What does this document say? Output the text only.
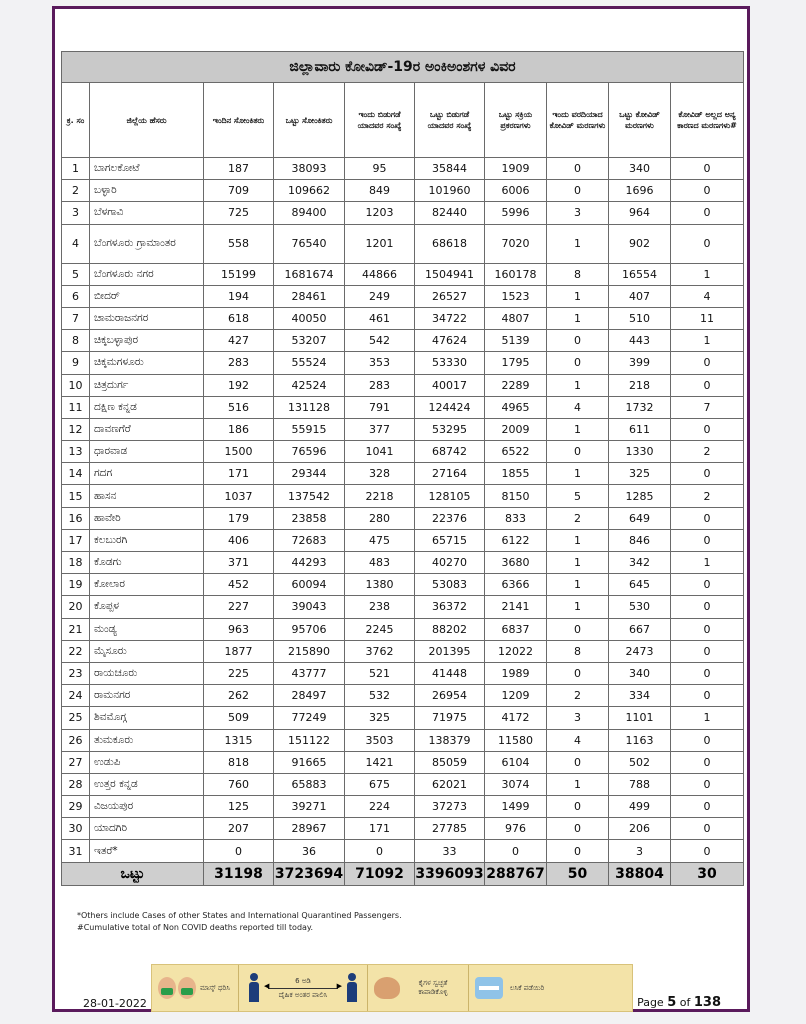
ಜಿಲ್ಲಾವಾರು ಕೋವಿಡ್-19ರ ಅಂಕಿಅಂಶಗಳ ವಿವರ									
ಕ್ರ. ಸಂ	ಜಿಲ್ಲೆಯ ಹೆಸರು	ಇಂದಿನ ಸೋಂಕಿತರು	ಒಟ್ಟು ಸೋಂಕಿತರು	ಇಂದು ಬಿಡುಗಡೆ ಯಾದವರ ಸಂಖ್ಯೆ	ಒಟ್ಟು ಬಿಡುಗಡೆ ಯಾದವರ ಸಂಖ್ಯೆ	ಒಟ್ಟು ಸಕ್ರಿಯ ಪ್ರಕರಣಗಳು	ಇಂದು ವರದಿಯಾದ ಕೋವಿಡ್ ಮರಣಗಳು	ಒಟ್ಟು ಕೋವಿಡ್ ಮರಣಗಳು	ಕೋವಿಡ್ ಅಲ್ಲದ ಅನ್ಯ ಕಾರಣದ ಮರಣಗಳು#
1	ಬಾಗಲಕೋಟೆ	187	38093	95	35844	1909	0	340	0
2	ಬಳ್ಳಾರಿ	709	109662	849	101960	6006	0	1696	0
3	ಬೆಳಗಾವಿ	725	89400	1203	82440	5996	3	964	0
4	ಬೆಂಗಳೂರು ಗ್ರಾಮಾಂತರ	558	76540	1201	68618	7020	1	902	0
5	ಬೆಂಗಳೂರು ನಗರ	15199	1681674	44866	1504941	160178	8	16554	1
6	ಬೀದರ್	194	28461	249	26527	1523	1	407	4
7	ಚಾಮರಾಜನಗರ	618	40050	461	34722	4807	1	510	11
8	ಚಿಕ್ಕಬಳ್ಳಾಪುರ	427	53207	542	47624	5139	0	443	1
9	ಚಿಕ್ಕಮಗಳೂರು	283	55524	353	53330	1795	0	399	0
10	ಚಿತ್ರದುರ್ಗ	192	42524	283	40017	2289	1	218	0
11	ದಕ್ಷಿಣ ಕನ್ನಡ	516	131128	791	124424	4965	4	1732	7
12	ದಾವಣಗೆರೆ	186	55915	377	53295	2009	1	611	0
13	ಧಾರವಾಡ	1500	76596	1041	68742	6522	0	1330	2
14	ಗದಗ	171	29344	328	27164	1855	1	325	0
15	ಹಾಸನ	1037	137542	2218	128105	8150	5	1285	2
16	ಹಾವೇರಿ	179	23858	280	22376	833	2	649	0
17	ಕಲಬುರಗಿ	406	72683	475	65715	6122	1	846	0
18	ಕೊಡಗು	371	44293	483	40270	3680	1	342	1
19	ಕೋಲಾರ	452	60094	1380	53083	6366	1	645	0
20	ಕೊಪ್ಪಳ	227	39043	238	36372	2141	1	530	0
21	ಮಂಡ್ಯ	963	95706	2245	88202	6837	0	667	0
22	ಮೈಸೂರು	1877	215890	3762	201395	12022	8	2473	0
23	ರಾಯಚೂರು	225	43777	521	41448	1989	0	340	0
24	ರಾಮನಗರ	262	28497	532	26954	1209	2	334	0
25	ಶಿವಮೊಗ್ಗ	509	77249	325	71975	4172	3	1101	1
26	ತುಮಕೂರು	1315	151122	3503	138379	11580	4	1163	0
27	ಉಡುಪಿ	818	91665	1421	85059	6104	0	502	0
28	ಉತ್ತರ ಕನ್ನಡ	760	65883	675	62021	3074	1	788	0
29	ವಿಜಯಪುರ	125	39271	224	37273	1499	0	499	0
30	ಯಾದಗಿರಿ	207	28967	171	27785	976	0	206	0
31	ಇತರೆ*	0	36	0	33	0	0	3	0
ಒಟ್ಟು		31198	3723694	71092	3396093	288767	50	38804	30
*Others include Cases of other States and International Quarantined Passengers.
#Cumulative total of Non COVID deaths reported till today.
ಮಾಸ್ಕ್ ಧರಿಸಿ
6 ಅಡಿ
◀ ▶
ದೈಹಿಕ ಅಂತರ ಪಾಲಿಸಿ
ಕೈಗಳ ಸ್ವಚ್ಛತೆ ಕಾಪಾಡಿಕೊಳ್ಳಿ
ಲಸಿಕೆ ಪಡೆಯಿರಿ
28-01-2022	Page 5 of 138
